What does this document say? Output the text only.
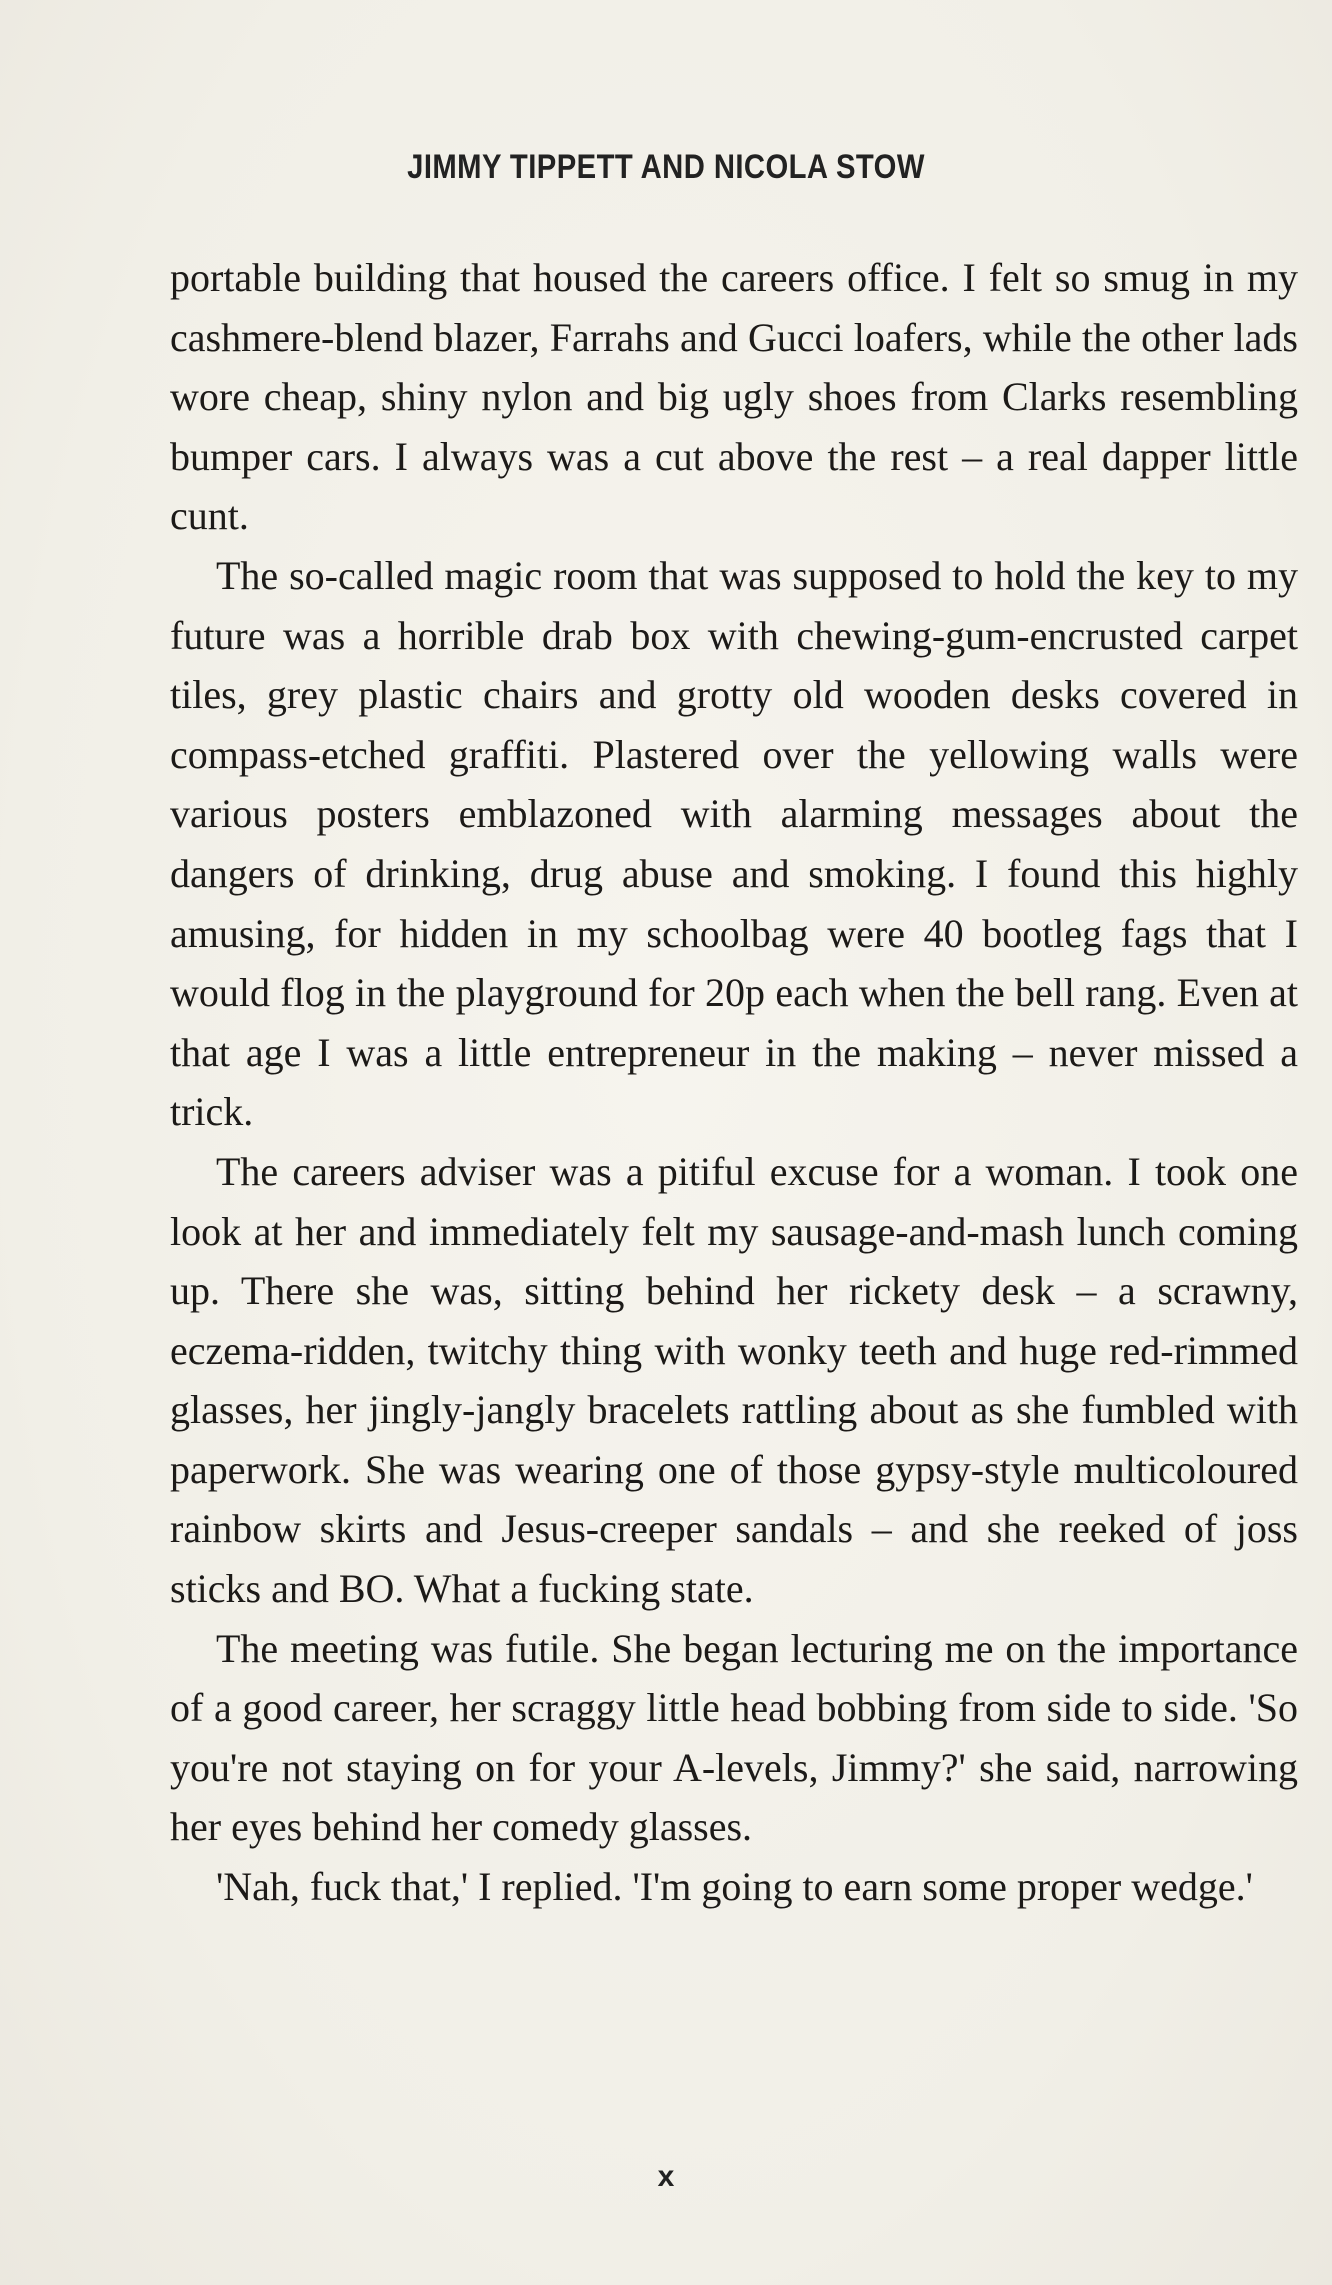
JIMMY TIPPETT AND NICOLA STOW

portable building that housed the careers office. I felt so smug in my cashmere-blend blazer, Farrahs and Gucci loafers, while the other lads wore cheap, shiny nylon and big ugly shoes from Clarks resembling bumper cars. I always was a cut above the rest – a real dapper little cunt.

The so-called magic room that was supposed to hold the key to my future was a horrible drab box with chewing-gum-encrusted carpet tiles, grey plastic chairs and grotty old wooden desks covered in compass-etched graffiti. Plastered over the yellowing walls were various posters emblazoned with alarming messages about the dangers of drinking, drug abuse and smoking. I found this highly amusing, for hidden in my schoolbag were 40 bootleg fags that I would flog in the playground for 20p each when the bell rang. Even at that age I was a little entrepreneur in the making – never missed a trick.

The careers adviser was a pitiful excuse for a woman. I took one look at her and immediately felt my sausage-and-mash lunch coming up. There she was, sitting behind her rickety desk – a scrawny, eczema-ridden, twitchy thing with wonky teeth and huge red-rimmed glasses, her jingly-jangly bracelets rattling about as she fumbled with paperwork. She was wearing one of those gypsy-style multicoloured rainbow skirts and Jesus-creeper sandals – and she reeked of joss sticks and BO. What a fucking state.

The meeting was futile. She began lecturing me on the importance of a good career, her scraggy little head bobbing from side to side. 'So you're not staying on for your A-levels, Jimmy?' she said, narrowing her eyes behind her comedy glasses.

'Nah, fuck that,' I replied. 'I'm going to earn some proper wedge.'

x
